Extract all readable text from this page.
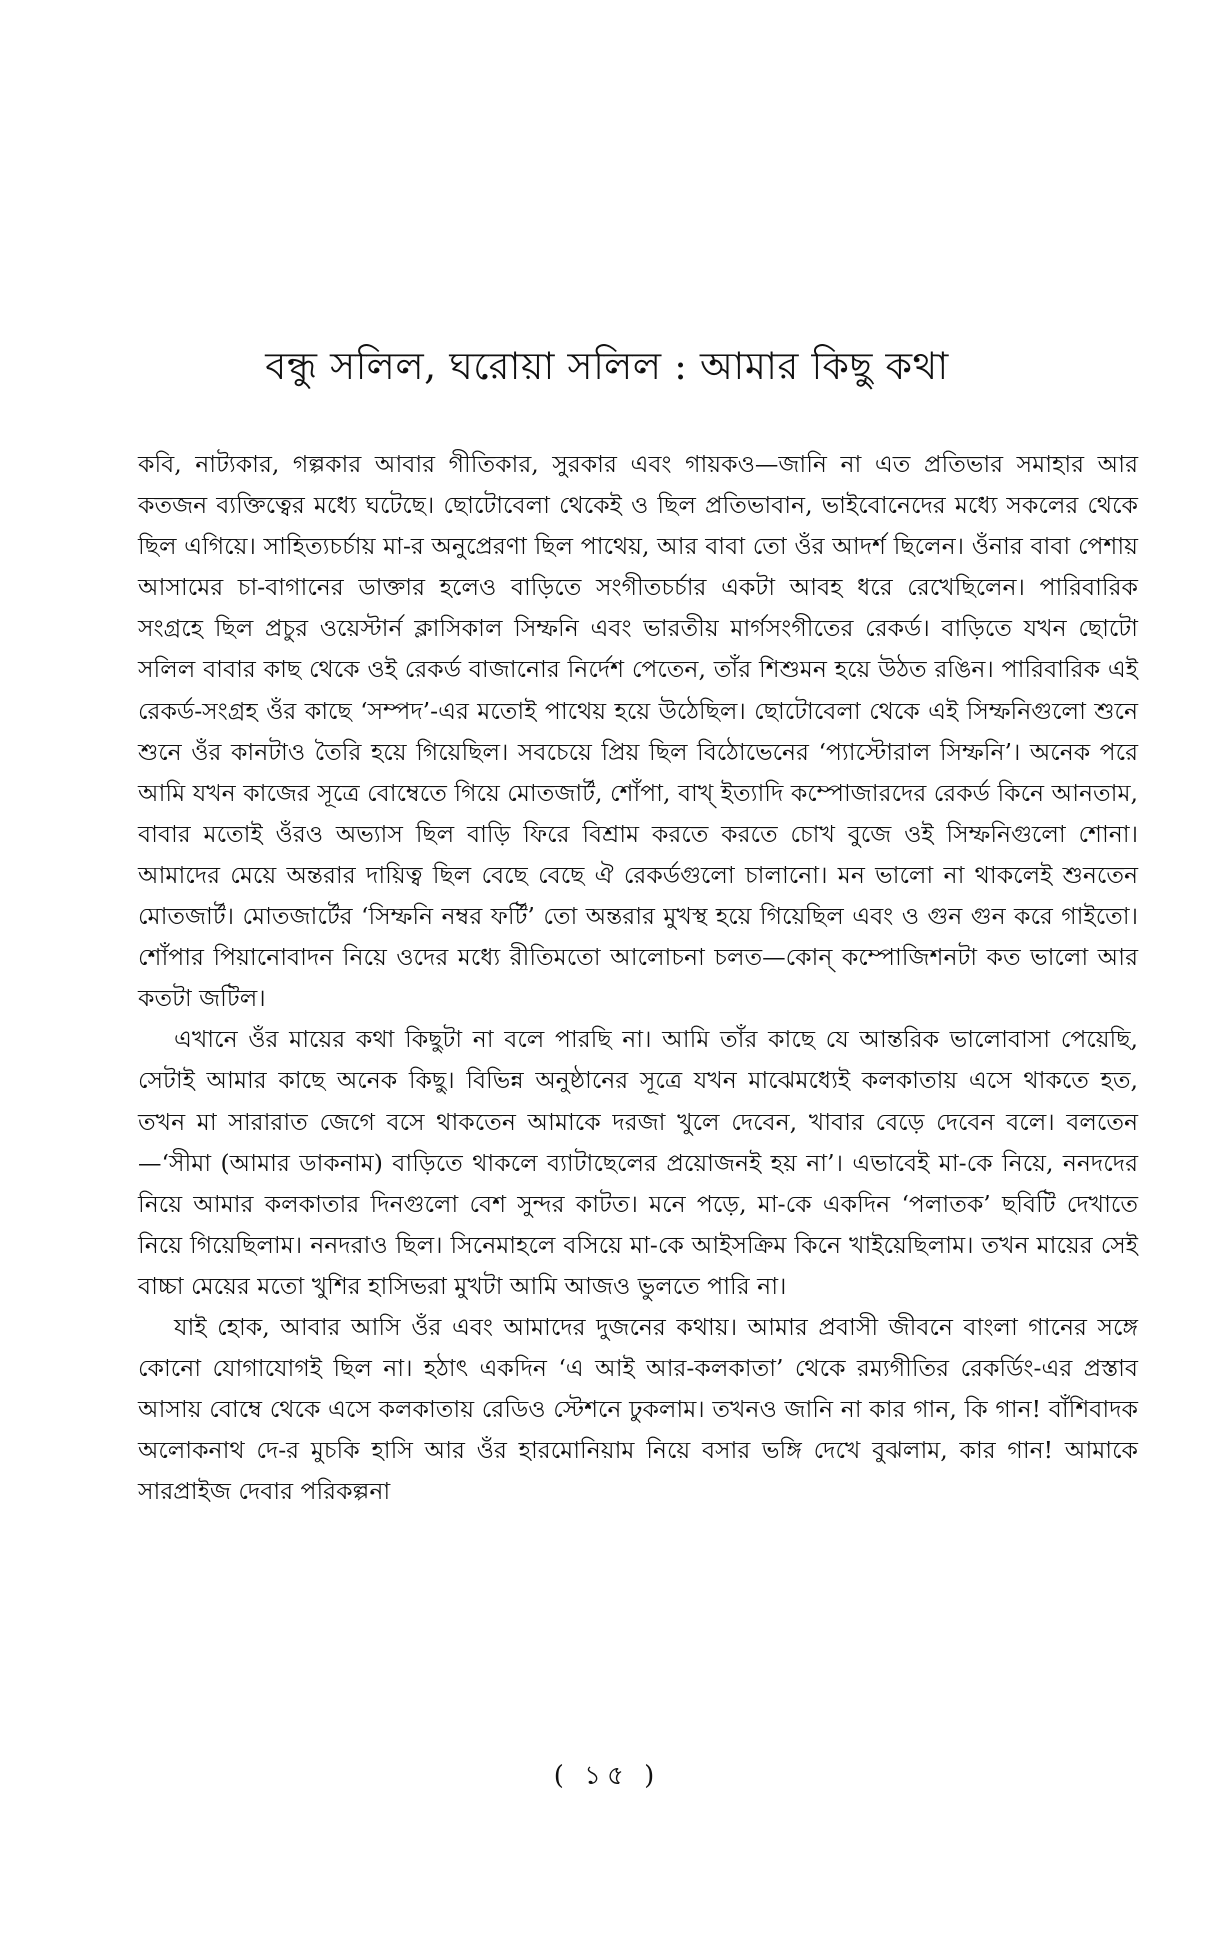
বন্ধু সলিল, ঘরোয়া সলিল : আমার কিছু কথা

কবি, নাট্যকার, গল্পকার আবার গীতিকার, সুরকার এবং গায়কও—জানি না এত প্রতিভার সমাহার আর কতজন ব্যক্তিত্বের মধ্যে ঘটেছে। ছোটোবেলা থেকেই ও ছিল প্রতিভাবান, ভাইবোনেদের মধ্যে সকলের থেকে ছিল এগিয়ে। সাহিত্যচর্চায় মা-র অনুপ্রেরণা ছিল পাথেয়, আর বাবা তো ওঁর আদর্শ ছিলেন। ওঁনার বাবা পেশায় আসামের চা-বাগানের ডাক্তার হলেও বাড়িতে সংগীতচর্চার একটা আবহ ধরে রেখেছিলেন। পারিবারিক সংগ্রহে ছিল প্রচুর ওয়েস্টার্ন ক্লাসিকাল সিম্ফনি এবং ভারতীয় মার্গসংগীতের রেকর্ড। বাড়িতে যখন ছোটো সলিল বাবার কাছ থেকে ওই রেকর্ড বাজানোর নির্দেশ পেতেন, তাঁর শিশুমন হয়ে উঠত রঙিন। পারিবারিক এই রেকর্ড-সংগ্রহ ওঁর কাছে ‘সম্পদ’-এর মতোই পাথেয় হয়ে উঠেছিল। ছোটোবেলা থেকে এই সিম্ফনিগুলো শুনে শুনে ওঁর কানটাও তৈরি হয়ে গিয়েছিল। সবচেয়ে প্রিয় ছিল বিঠোভেনের ‘প্যাস্টোরাল সিম্ফনি’। অনেক পরে আমি যখন কাজের সূত্রে বোম্বেতে গিয়ে মোতজার্ট, শোঁপা, বাখ্ ইত্যাদি কম্পোজারদের রেকর্ড কিনে আনতাম, বাবার মতোই ওঁরও অভ্যাস ছিল বাড়ি ফিরে বিশ্রাম করতে করতে চোখ বুজে ওই সিম্ফনিগুলো শোনা। আমাদের মেয়ে অন্তরার দায়িত্ব ছিল বেছে বেছে ঐ রেকর্ডগুলো চালানো। মন ভালো না থাকলেই শুনতেন মোতজার্ট। মোতজার্টের ‘সিম্ফনি নম্বর ফর্টি’ তো অন্তরার মুখস্থ হয়ে গিয়েছিল এবং ও গুন গুন করে গাইতো। শোঁপার পিয়ানোবাদন নিয়ে ওদের মধ্যে রীতিমতো আলোচনা চলত—কোন্ কম্পোজিশনটা কত ভালো আর কতটা জটিল।

এখানে ওঁর মায়ের কথা কিছুটা না বলে পারছি না। আমি তাঁর কাছে যে আন্তরিক ভালোবাসা পেয়েছি, সেটাই আমার কাছে অনেক কিছু। বিভিন্ন অনুষ্ঠানের সূত্রে যখন মাঝেমধ্যেই কলকাতায় এসে থাকতে হত, তখন মা সারারাত জেগে বসে থাকতেন আমাকে দরজা খুলে দেবেন, খাবার বেড়ে দেবেন বলে। বলতেন—‘সীমা (আমার ডাকনাম) বাড়িতে থাকলে ব্যাটাছেলের প্রয়োজনই হয় না’। এভাবেই মা-কে নিয়ে, ননদদের নিয়ে আমার কলকাতার দিনগুলো বেশ সুন্দর কাটত। মনে পড়ে, মা-কে একদিন ‘পলাতক’ ছবিটি দেখাতে নিয়ে গিয়েছিলাম। ননদরাও ছিল। সিনেমাহলে বসিয়ে মা-কে আইসক্রিম কিনে খাইয়েছিলাম। তখন মায়ের সেই বাচ্চা মেয়ের মতো খুশির হাসিভরা মুখটা আমি আজও ভুলতে পারি না।

যাই হোক, আবার আসি ওঁর এবং আমাদের দুজনের কথায়। আমার প্রবাসী জীবনে বাংলা গানের সঙ্গে কোনো যোগাযোগই ছিল না। হঠাৎ একদিন ‘এ আই আর-কলকাতা’ থেকে রম্যগীতির রেকর্ডিং-এর প্রস্তাব আসায় বোম্বে থেকে এসে কলকাতায় রেডিও স্টেশনে ঢুকলাম। তখনও জানি না কার গান, কি গান! বাঁশিবাদক অলোকনাথ দে-র মুচকি হাসি আর ওঁর হারমোনিয়াম নিয়ে বসার ভঙ্গি দেখে বুঝলাম, কার গান! আমাকে সারপ্রাইজ দেবার পরিকল্পনা

( ১৫ )
